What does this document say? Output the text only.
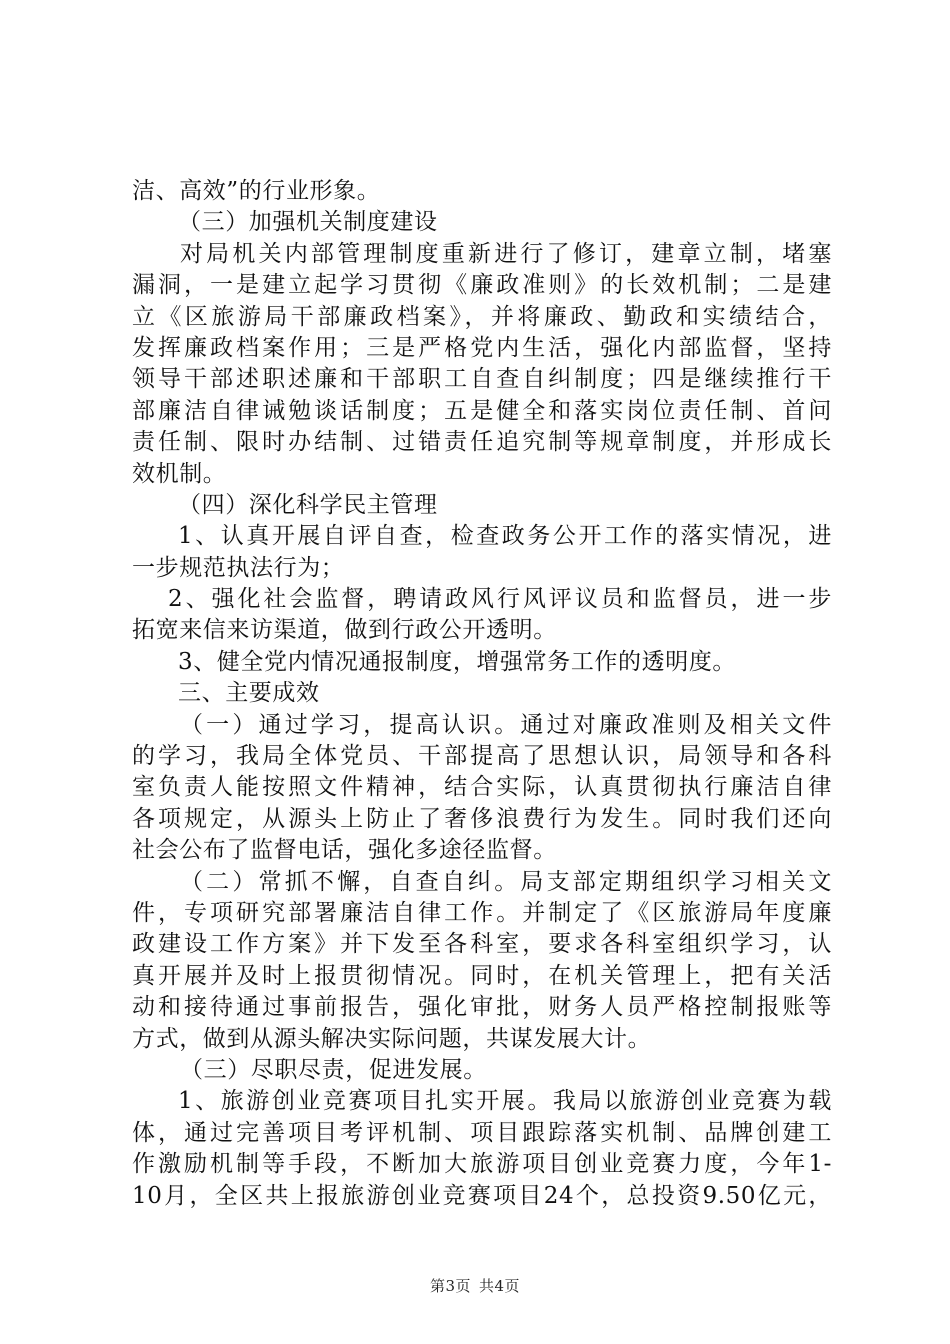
洁、高效”的行业形象。
（三）加强机关制度建设
对局机关内部管理制度重新进行了修订，建章立制，堵塞
漏洞，一是建立起学习贯彻《廉政准则》的长效机制；二是建
立《区旅游局干部廉政档案》，并将廉政、勤政和实绩结合，
发挥廉政档案作用；三是严格党内生活，强化内部监督，坚持
领导干部述职述廉和干部职工自查自纠制度；四是继续推行干
部廉洁自律诫勉谈话制度；五是健全和落实岗位责任制、首问
责任制、限时办结制、过错责任追究制等规章制度，并形成长
效机制。
（四）深化科学民主管理
1、认真开展自评自查，检查政务公开工作的落实情况，进
一步规范执法行为；
2、强化社会监督，聘请政风行风评议员和监督员，进一步
拓宽来信来访渠道，做到行政公开透明。
3、健全党内情况通报制度，增强常务工作的透明度。
三、主要成效
（一）通过学习，提高认识。通过对廉政准则及相关文件
的学习，我局全体党员、干部提高了思想认识，局领导和各科
室负责人能按照文件精神，结合实际，认真贯彻执行廉洁自律
各项规定，从源头上防止了奢侈浪费行为发生。同时我们还向
社会公布了监督电话，强化多途径监督。
（二）常抓不懈，自查自纠。局支部定期组织学习相关文
件，专项研究部署廉洁自律工作。并制定了《区旅游局年度廉
政建设工作方案》并下发至各科室，要求各科室组织学习，认
真开展并及时上报贯彻情况。同时，在机关管理上，把有关活
动和接待通过事前报告，强化审批，财务人员严格控制报账等
方式，做到从源头解决实际问题，共谋发展大计。
（三）尽职尽责，促进发展。
1、旅游创业竞赛项目扎实开展。我局以旅游创业竞赛为载
体，通过完善项目考评机制、项目跟踪落实机制、品牌创建工
作激励机制等手段，不断加大旅游项目创业竞赛力度，今年1-
10月，全区共上报旅游创业竞赛项目24个，总投资9.50亿元，
第3页 共4页
